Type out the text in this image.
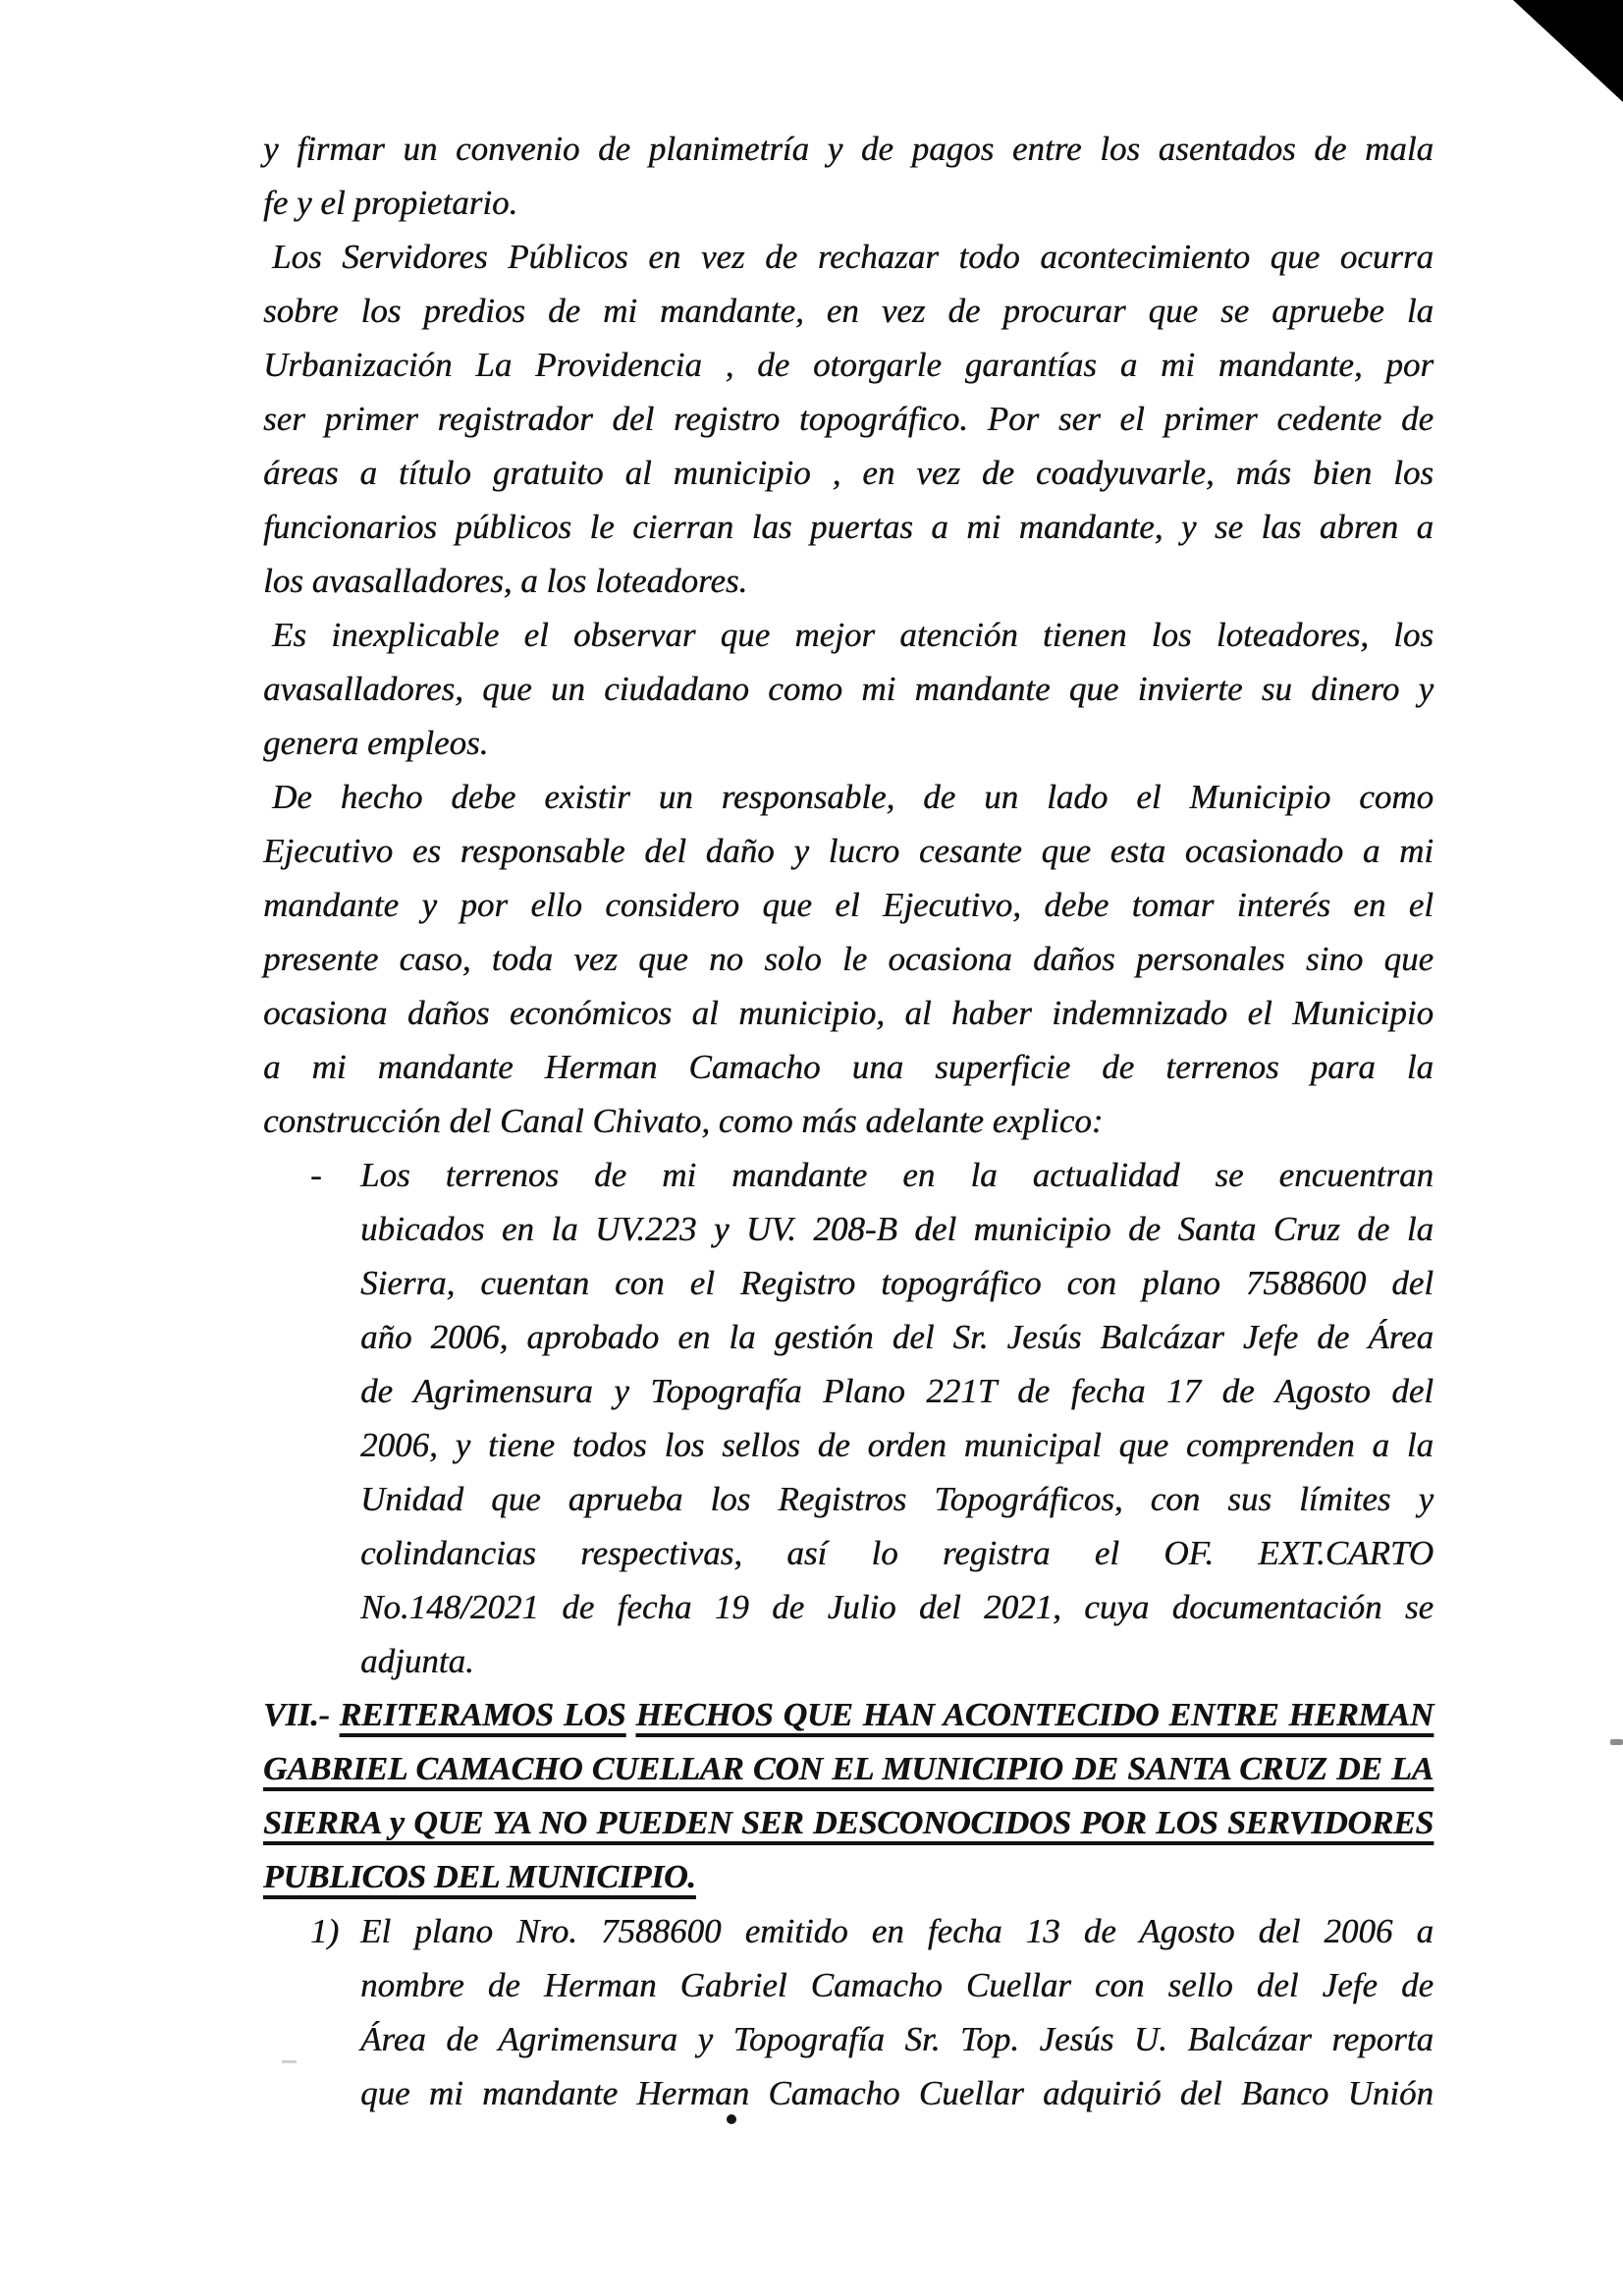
y firmar un convenio de planimetría y de pagos entre los asentados de mala
fe y el propietario.
Los Servidores Públicos en vez de rechazar todo acontecimiento que ocurra
sobre los predios de mi mandante, en vez de procurar que se apruebe la
Urbanización La Providencia , de otorgarle garantías a mi mandante, por
ser primer registrador del registro topográfico. Por ser el primer cedente de
áreas a título gratuito al municipio , en vez de coadyuvarle, más bien los
funcionarios públicos le cierran las puertas a mi mandante, y se las abren a
los avasalladores, a los loteadores.
Es inexplicable el observar que mejor atención tienen los loteadores, los
avasalladores, que un ciudadano como mi mandante que invierte su dinero y
genera empleos.
De hecho debe existir un responsable, de un lado el Municipio como
Ejecutivo es responsable del daño y lucro cesante que esta ocasionado a mi
mandante y por ello considero que el Ejecutivo, debe tomar interés en el
presente caso, toda vez que no solo le ocasiona daños personales sino que
ocasiona daños económicos al municipio, al haber indemnizado el Municipio
a mi mandante Herman Camacho una superficie de terrenos para la
construcción del Canal Chivato, como más adelante explico:
- Los terrenos de mi mandante en la actualidad se encuentran
ubicados en la UV.223 y UV. 208-B del municipio de Santa Cruz de la
Sierra, cuentan con el Registro topográfico con plano 7588600 del
año 2006, aprobado en la gestión del Sr. Jesús Balcázar Jefe de Área
de Agrimensura y Topografía Plano 221T de fecha 17 de Agosto del
2006, y tiene todos los sellos de orden municipal que comprenden a la
Unidad que aprueba los Registros Topográficos, con sus límites y
colindancias respectivas, así lo registra el OF. EXT.CARTO
No.148/2021 de fecha 19 de Julio del 2021, cuya documentación se
adjunta.
VII.- REITERAMOS LOS HECHOS QUE HAN ACONTECIDO ENTRE HERMAN
GABRIEL CAMACHO CUELLAR CON EL MUNICIPIO DE SANTA CRUZ DE LA
SIERRA y QUE YA NO PUEDEN SER DESCONOCIDOS POR LOS SERVIDORES
PUBLICOS DEL MUNICIPIO.
1) El plano Nro. 7588600 emitido en fecha 13 de Agosto del 2006 a
nombre de Herman Gabriel Camacho Cuellar con sello del Jefe de
Área de Agrimensura y Topografía Sr. Top. Jesús U. Balcázar reporta
que mi mandante Herman Camacho Cuellar adquirió del Banco Unión
